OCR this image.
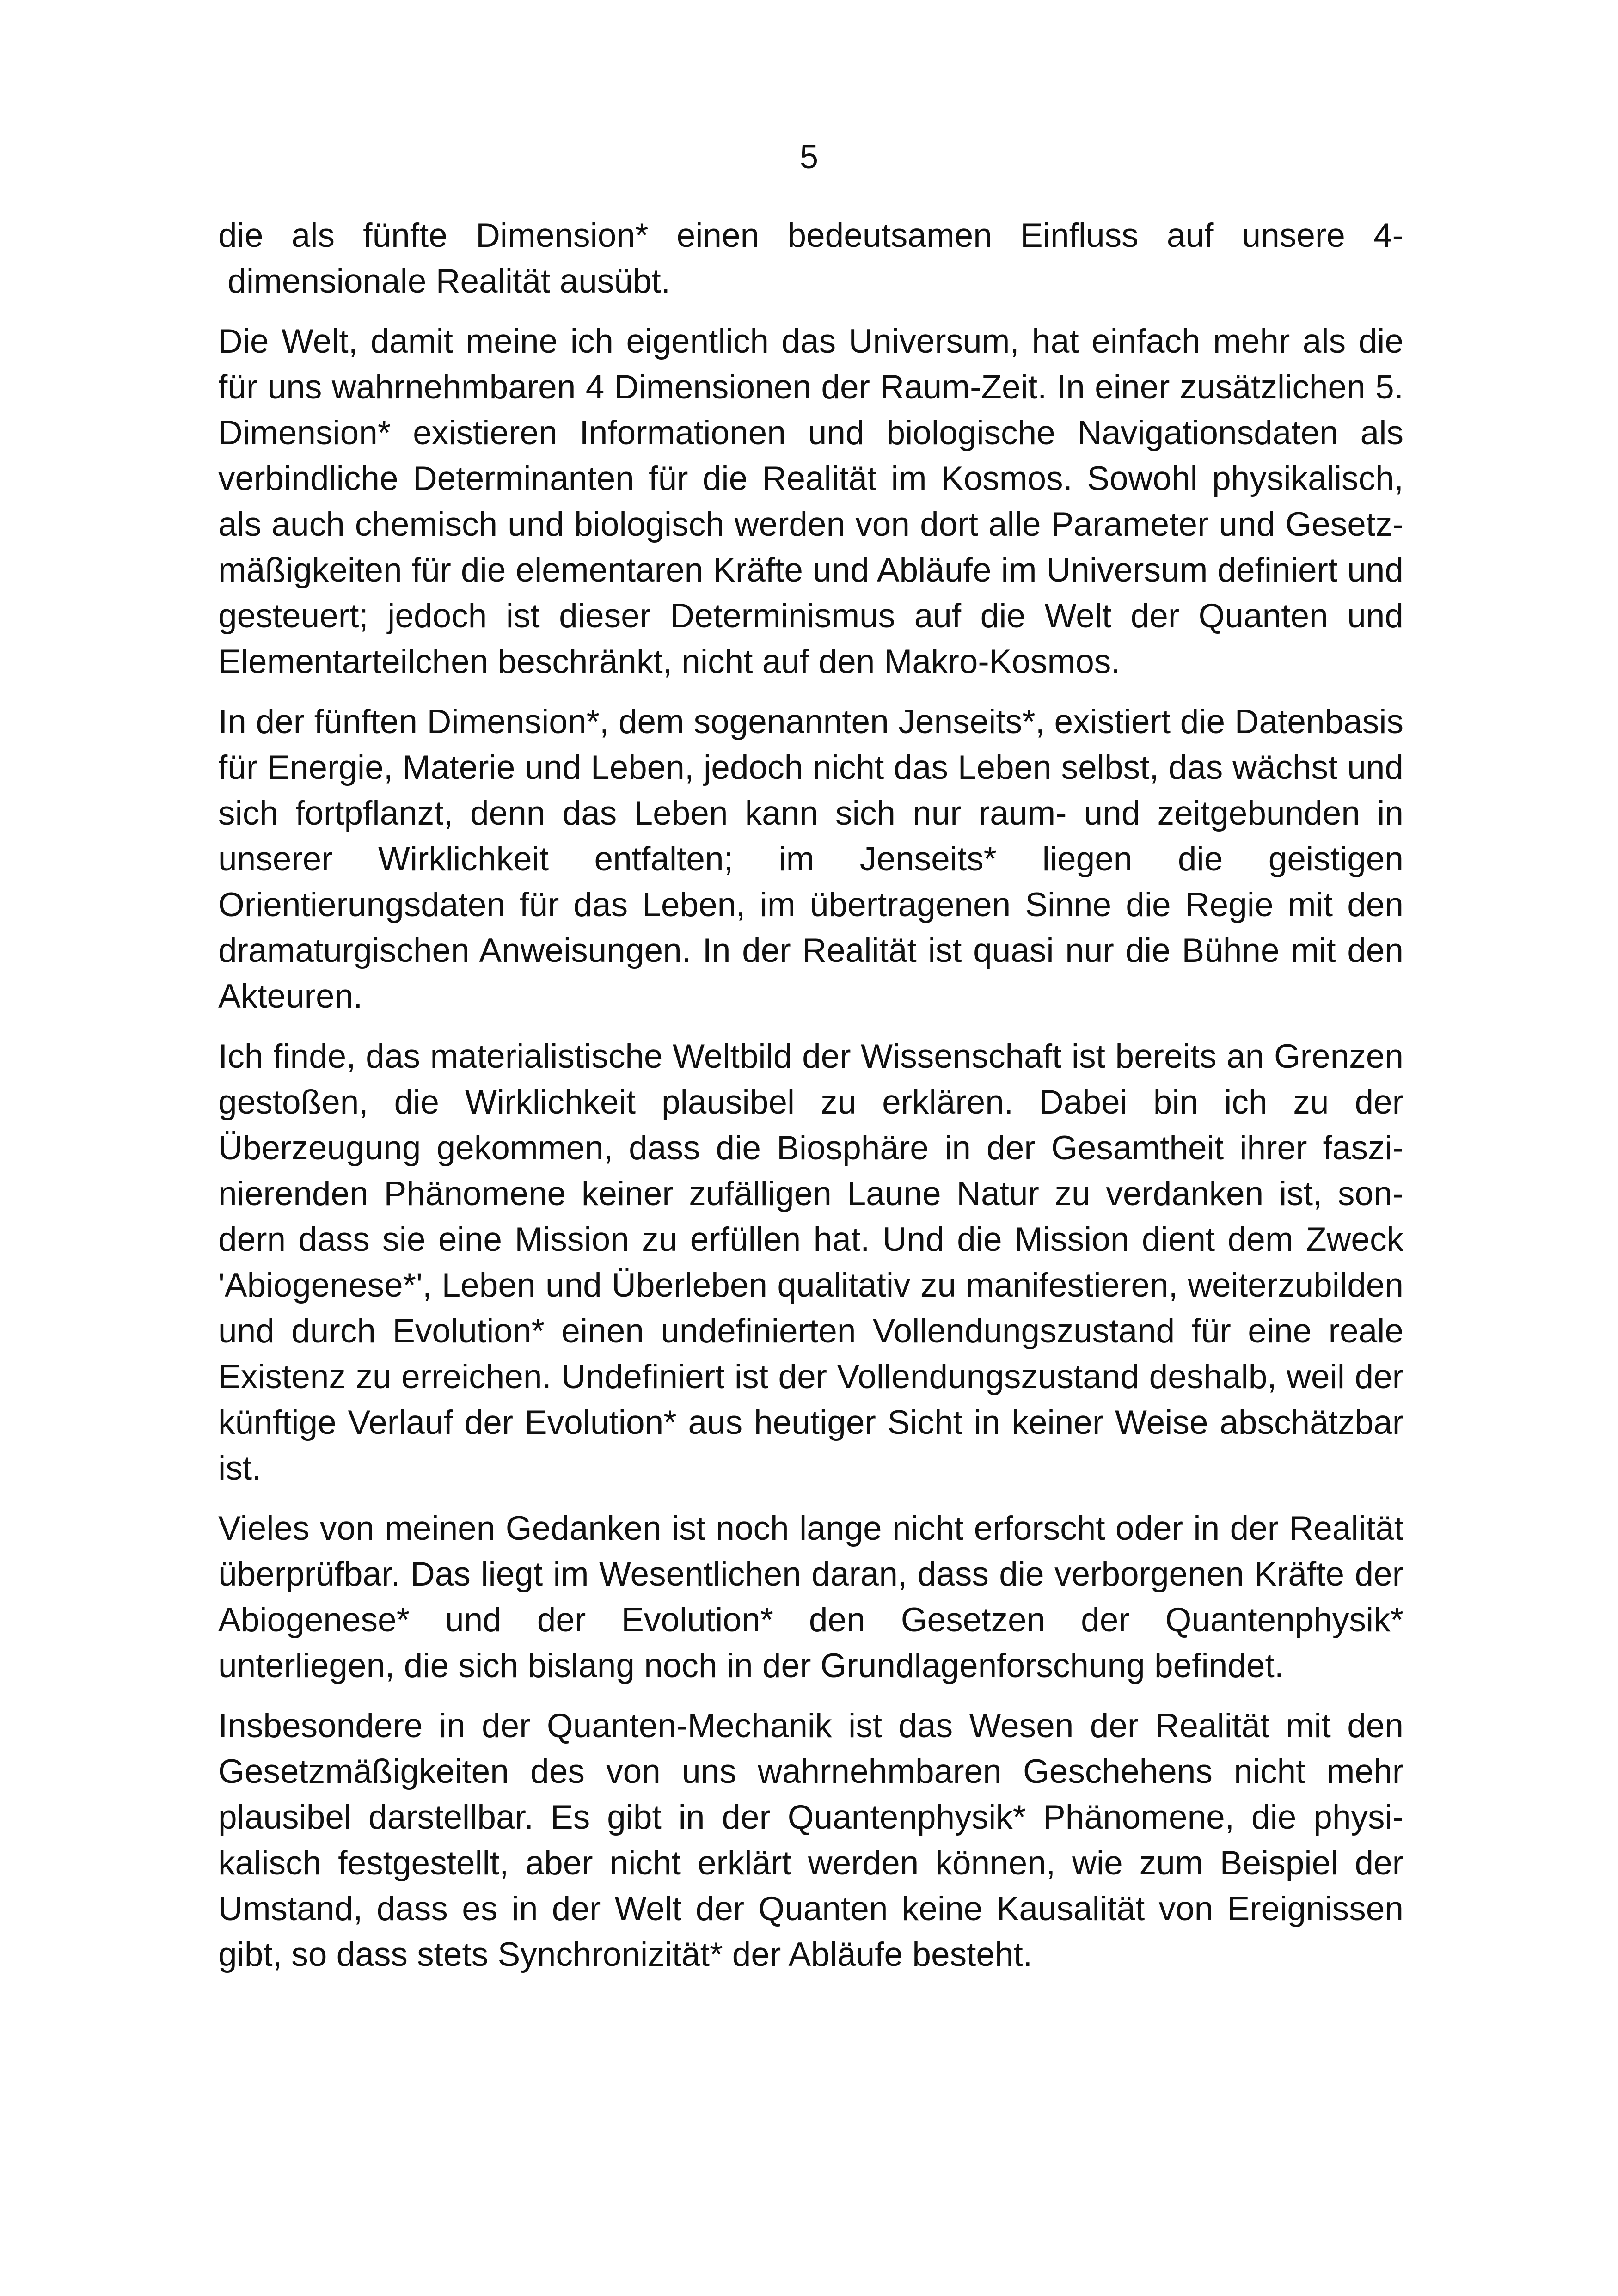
5

die als fünfte Dimension* einen bedeutsamen Einfluss auf unsere 4- dimensionale Realität ausübt.

Die Welt, damit meine ich eigentlich das Universum, hat einfach mehr als die für uns wahrnehmbaren 4 Dimensionen der Raum-Zeit. In einer zusätzlichen 5. Dimension* existieren Informationen und biologische Navigationsdaten als verbindliche Determinanten für die Realität im Kosmos. Sowohl physikalisch, als auch chemisch und biologisch werden von dort alle Parameter und Gesetzmäßigkeiten für die elementaren Kräfte und Abläufe im Universum definiert und gesteuert; jedoch ist dieser Determinismus auf die Welt der Quanten und Elementarteilchen beschränkt, nicht auf den Makro-Kosmos.

In der fünften Dimension*, dem sogenannten Jenseits*, existiert die Datenbasis für Energie, Materie und Leben, jedoch nicht das Leben selbst, das wächst und sich fortpflanzt, denn das Leben kann sich nur raum- und zeitgebunden in unserer Wirklichkeit entfalten; im Jenseits* liegen die geistigen Orientierungsdaten für das Leben, im übertragenen Sinne die Regie mit den dramaturgischen Anweisungen. In der Realität ist quasi nur die Bühne mit den Akteuren.

Ich finde, das materialistische Weltbild der Wissenschaft ist bereits an Grenzen gestoßen, die Wirklichkeit plausibel zu erklären. Dabei bin ich zu der Überzeugung gekommen, dass die Biosphäre in der Gesamtheit ihrer faszinierenden Phänomene keiner zufälligen Laune Natur zu verdanken ist, sondern dass sie eine Mission zu erfüllen hat. Und die Mission dient dem Zweck 'Abiogenese*', Leben und Überleben qualitativ zu manifestieren, weiterzubilden und durch Evolution* einen undefinierten Vollendungszustand für eine reale Existenz zu erreichen. Undefiniert ist der Vollendungszustand deshalb, weil der künftige Verlauf der Evolution* aus heutiger Sicht in keiner Weise abschätzbar ist.

Vieles von meinen Gedanken ist noch lange nicht erforscht oder in der Realität überprüfbar. Das liegt im Wesentlichen daran, dass die verborgenen Kräfte der Abiogenese* und der Evolution* den Gesetzen der Quantenphysik* unterliegen, die sich bislang noch in der Grundlagenforschung befindet.

Insbesondere in der Quanten-Mechanik ist das Wesen der Realität mit den Gesetzmäßigkeiten des von uns wahrnehmbaren Geschehens nicht mehr plausibel darstellbar. Es gibt in der Quantenphysik* Phänomene, die physikalisch festgestellt, aber nicht erklärt werden können, wie zum Beispiel der Umstand, dass es in der Welt der Quanten keine Kausalität von Ereignissen gibt, so dass stets Synchronizität* der Abläufe besteht.
